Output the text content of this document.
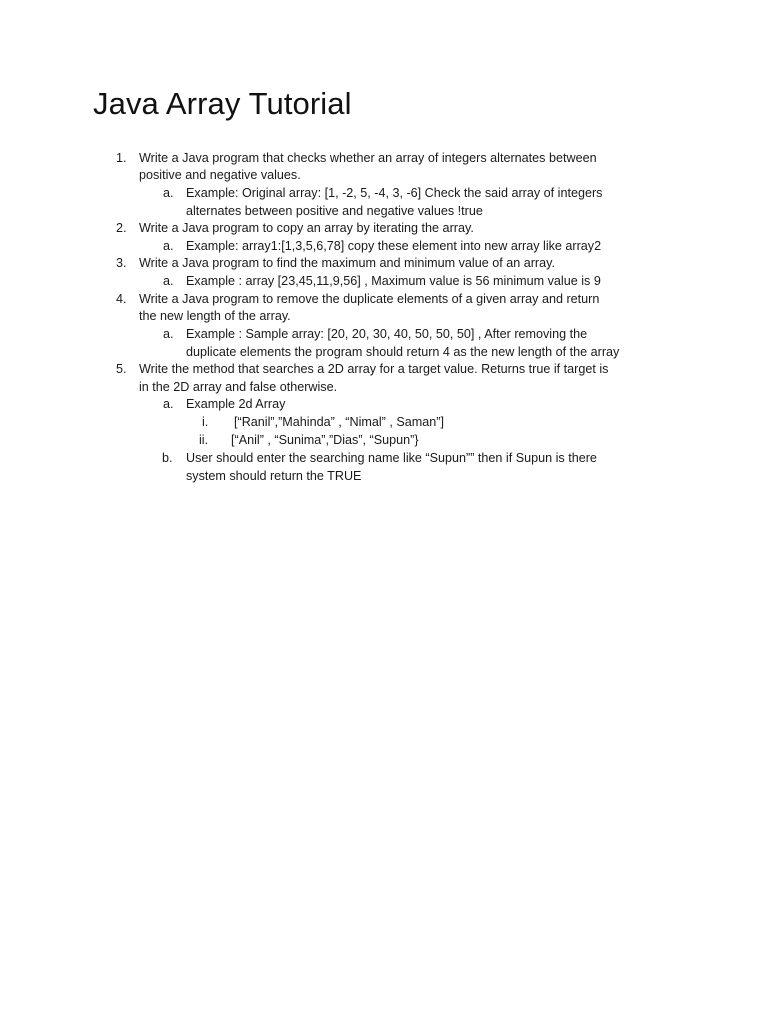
Java Array Tutorial
1. Write a Java program that checks whether an array of integers alternates between
positive and negative values.
a. Example: Original array: [1, -2, 5, -4, 3, -6] Check the said array of integers
alternates between positive and negative values !true
2. Write a Java program to copy an array by iterating the array.
a. Example: array1:[1,3,5,6,78] copy these element into new array like array2
3. Write a Java program to find the maximum and minimum value of an array.
a. Example : array [23,45,11,9,56] , Maximum value is 56 minimum value is 9
4. Write a Java program to remove the duplicate elements of a given array and return
the new length of the array.
a. Example : Sample array: [20, 20, 30, 40, 50, 50, 50] , After removing the
duplicate elements the program should return 4 as the new length of the array
5. Write the method that searches a 2D array for a target value. Returns true if target is
in the 2D array and false otherwise.
a. Example 2d Array
i. [“Ranil”,”Mahinda” , “Nimal” , Saman”]
ii. [“Anil” , “Sunima”,”Dias”, “Supun”}
b. User should enter the searching name like “Supun”” then if Supun is there
system should return the TRUE
